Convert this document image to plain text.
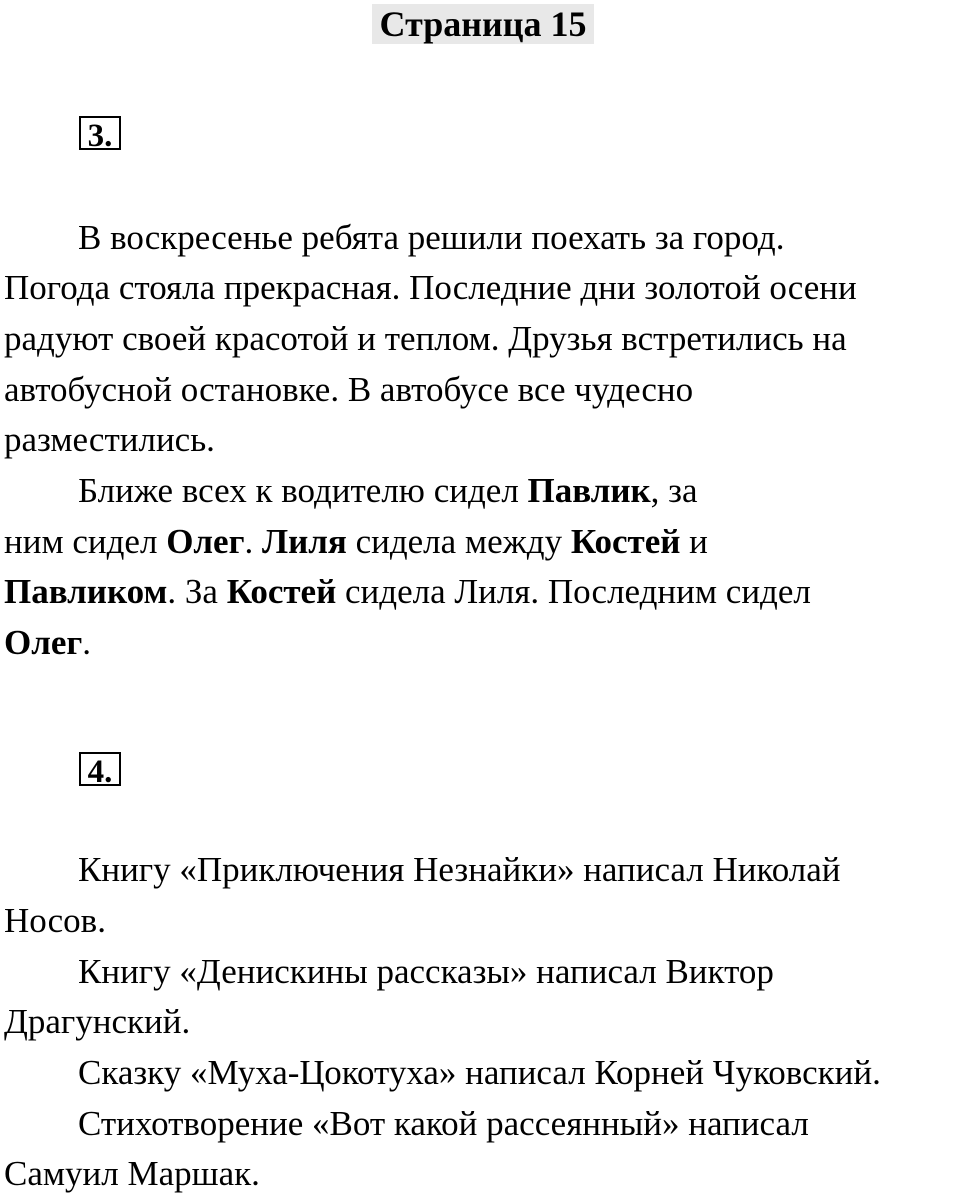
Страница 15
3.
В воскресенье ребята решили поехать за город.
Погода стояла прекрасная. Последние дни золотой осени
радуют своей красотой и теплом. Друзья встретились на
автобусной остановке. В автобусе все чудесно
разместились.
Ближе всех к водителю сидел Павлик, за
ним сидел Олег. Лиля сидела между Костей и
Павликом. За Костей сидела Лиля. Последним сидел
Олег.
4.
Книгу «Приключения Незнайки» написал Николай
Носов.
Книгу «Денискины рассказы» написал Виктор
Драгунский.
Сказку «Муха-Цокотуха» написал Корней Чуковский.
Стихотворение «Вот какой рассеянный» написал
Самуил Маршак.
